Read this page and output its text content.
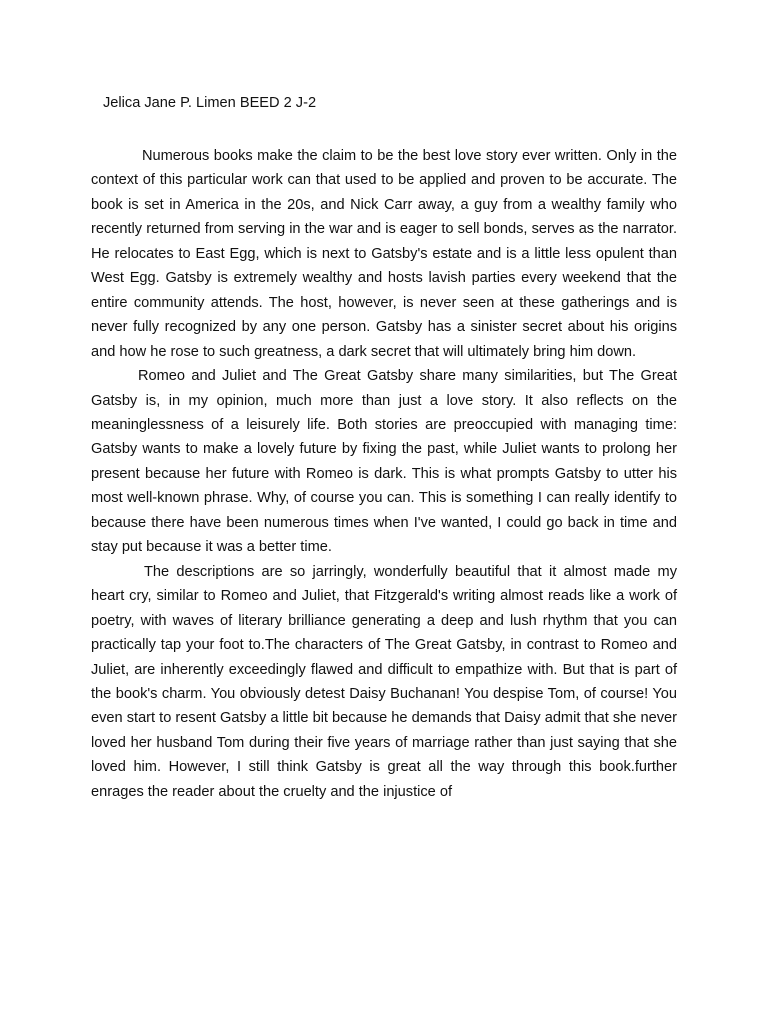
Jelica Jane P. Limen BEED 2 J-2

Numerous books make the claim to be the best love story ever written. Only in the context of this particular work can that used to be applied and proven to be accurate. The book is set in America in the 20s, and Nick Carr away, a guy from a wealthy family who recently returned from serving in the war and is eager to sell bonds, serves as the narrator. He relocates to East Egg, which is next to Gatsby's estate and is a little less opulent than West Egg. Gatsby is extremely wealthy and hosts lavish parties every weekend that the entire community attends. The host, however, is never seen at these gatherings and is never fully recognized by any one person. Gatsby has a sinister secret about his origins and how he rose to such greatness, a dark secret that will ultimately bring him down.

Romeo and Juliet and The Great Gatsby share many similarities, but The Great Gatsby is, in my opinion, much more than just a love story. It also reflects on the meaninglessness of a leisurely life. Both stories are preoccupied with managing time: Gatsby wants to make a lovely future by fixing the past, while Juliet wants to prolong her present because her future with Romeo is dark. This is what prompts Gatsby to utter his most well-known phrase. Why, of course you can. This is something I can really identify to because there have been numerous times when I've wanted, I could go back in time and stay put because it was a better time.

The descriptions are so jarringly, wonderfully beautiful that it almost made my heart cry, similar to Romeo and Juliet, that Fitzgerald's writing almost reads like a work of poetry, with waves of literary brilliance generating a deep and lush rhythm that you can practically tap your foot to.The characters of The Great Gatsby, in contrast to Romeo and Juliet, are inherently exceedingly flawed and difficult to empathize with. But that is part of the book's charm. You obviously detest Daisy Buchanan! You despise Tom, of course! You even start to resent Gatsby a little bit because he demands that Daisy admit that she never loved her husband Tom during their five years of marriage rather than just saying that she loved him. However, I still think Gatsby is great all the way through this book.further enrages the reader about the cruelty and the injustice of
